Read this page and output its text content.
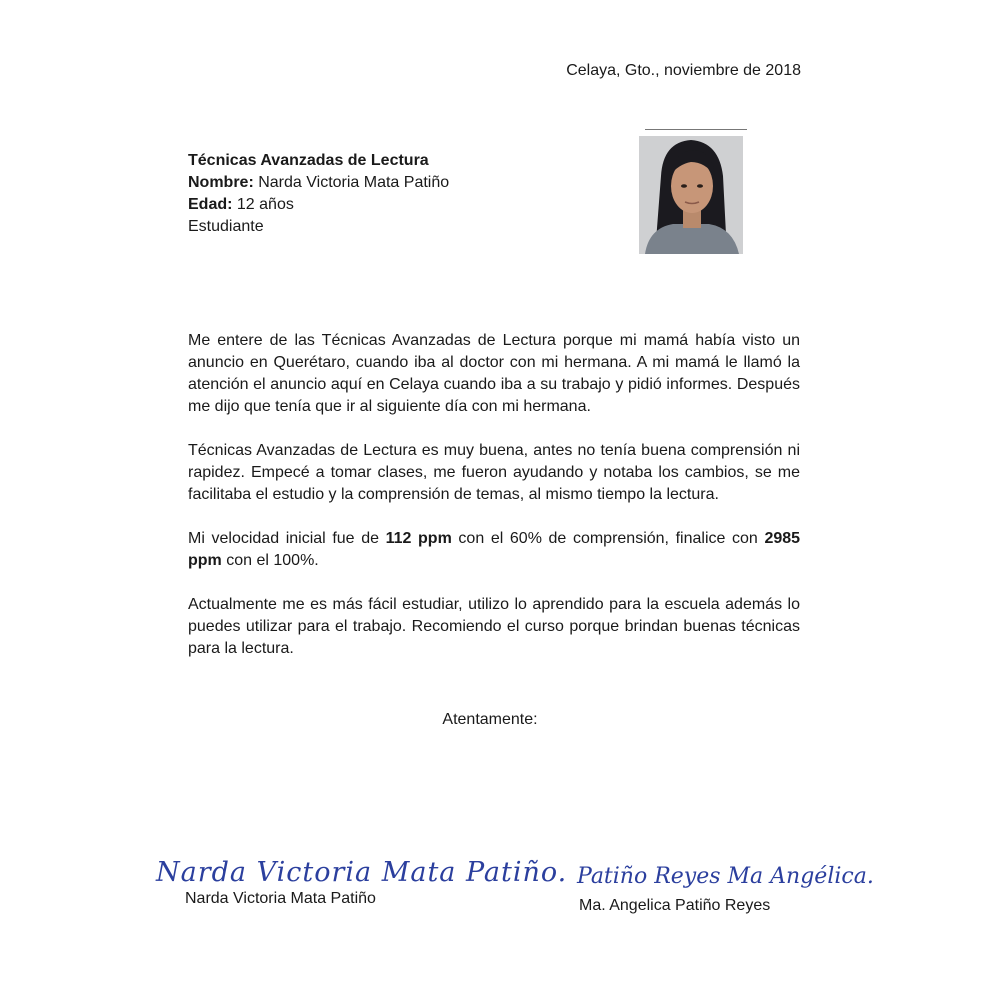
Celaya, Gto., noviembre de 2018
Técnicas Avanzadas de Lectura
Nombre: Narda Victoria Mata Patiño
Edad: 12 años
Estudiante

Me entere de las Técnicas Avanzadas de Lectura porque mi mamá había visto un anuncio en Querétaro, cuando iba al doctor con mi hermana. A mi mamá le llamó la atención el anuncio aquí en Celaya cuando iba a su trabajo y pidió informes. Después me dijo que tenía que ir al siguiente día con mi hermana.

Técnicas Avanzadas de Lectura es muy buena, antes no tenía buena comprensión ni rapidez. Empecé a tomar clases, me fueron ayudando y notaba los cambios, se me facilitaba el estudio y la comprensión de temas, al mismo tiempo la lectura.

Mi velocidad inicial fue de 112 ppm con el 60% de comprensión, finalice con 2985 ppm con el 100%.

Actualmente me es más fácil estudiar, utilizo lo aprendido para la escuela además lo puedes utilizar para el trabajo. Recomiendo el curso porque brindan buenas técnicas para la lectura.

Atentamente:
Narda Victoria Mata Patiño.
Narda Victoria Mata Patiño
Patiño Reyes Ma Angélica.
Ma. Angelica Patiño Reyes
